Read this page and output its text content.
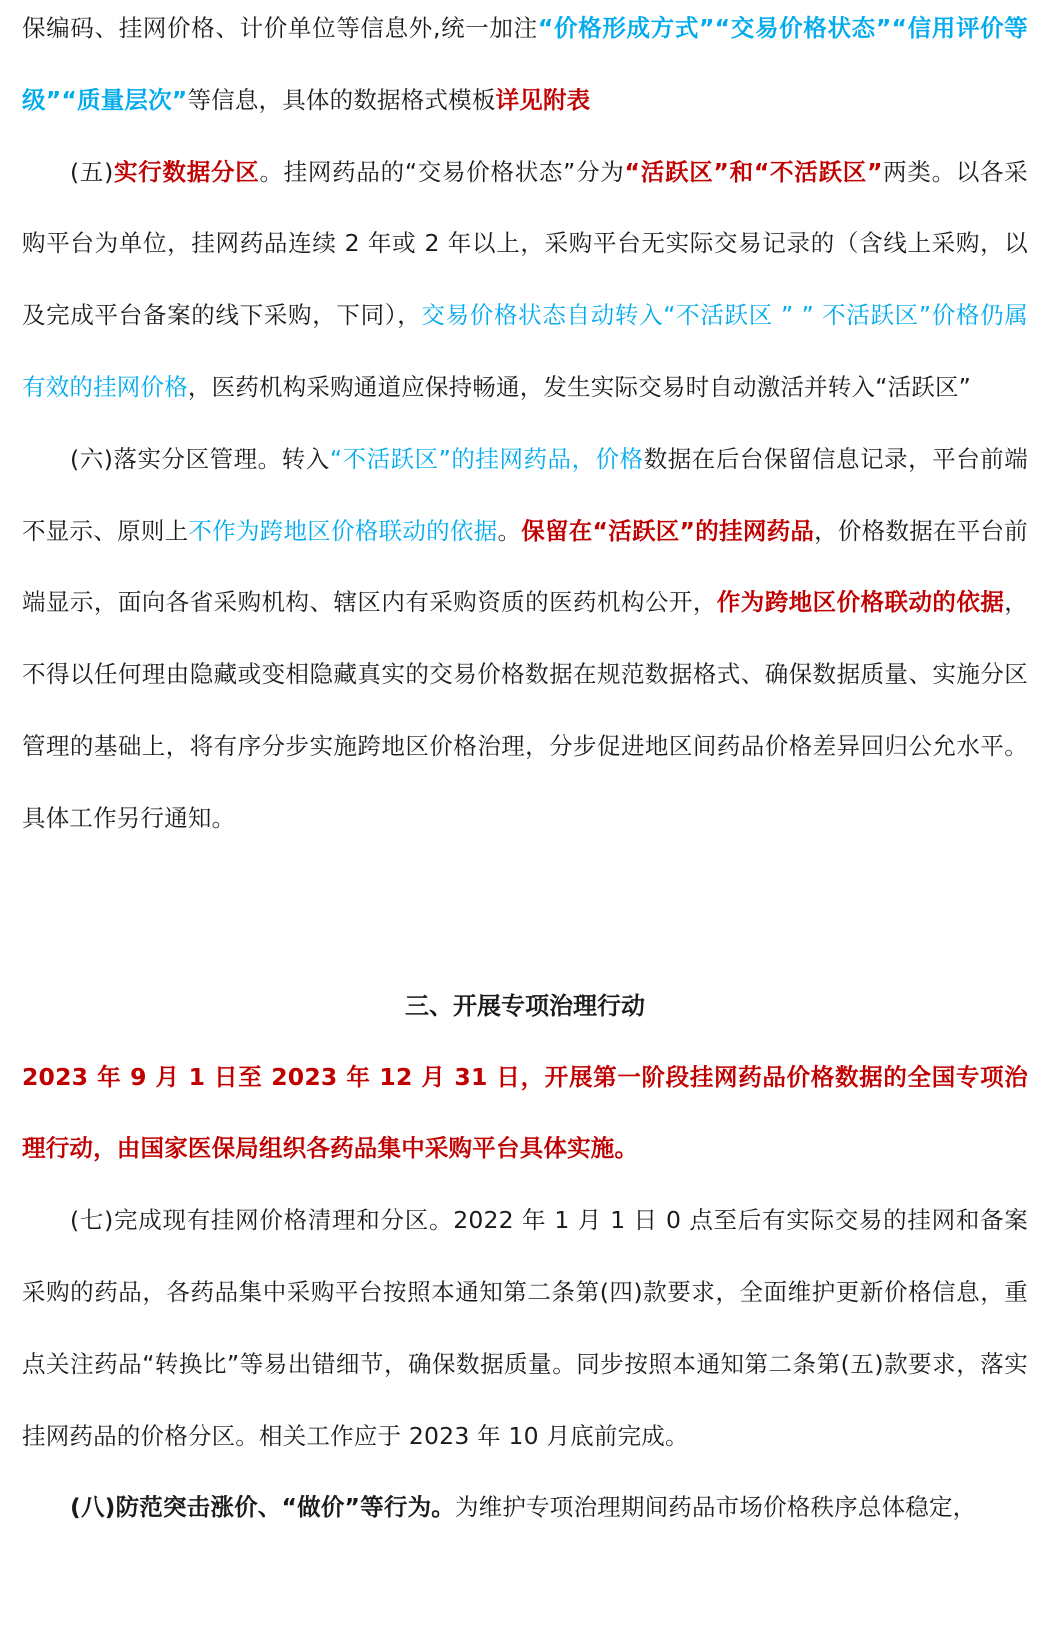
保编码、挂网价格、计价单位等信息外,统一加注“价格形成方式”“交易价格状态”“信用评价等级”“质量层次”等信息，具体的数据格式模板详见附表

(五)实行数据分区。挂网药品的“交易价格状态”分为“活跃区”和“不活跃区”两类。以各采购平台为单位，挂网药品连续 2 年或 2 年以上，采购平台无实际交易记录的（含线上采购，以及完成平台备案的线下采购，下同），交易价格状态自动转入“不活跃区 ” ” 不活跃区”价格仍属有效的挂网价格，医药机构采购通道应保持畅通，发生实际交易时自动激活并转入“活跃区”

(六)落实分区管理。转入“不活跃区”的挂网药品，价格数据在后台保留信息记录，平台前端不显示、原则上不作为跨地区价格联动的依据。保留在“活跃区”的挂网药品，价格数据在平台前端显示，面向各省采购机构、辖区内有采购资质的医药机构公开，作为跨地区价格联动的依据，不得以任何理由隐藏或变相隐藏真实的交易价格数据在规范数据格式、确保数据质量、实施分区管理的基础上，将有序分步实施跨地区价格治理，分步促进地区间药品价格差异回归公允水平。具体工作另行通知。

三、开展专项治理行动

2023 年 9 月 1 日至 2023 年 12 月 31 日，开展第一阶段挂网药品价格数据的全国专项治理行动，由国家医保局组织各药品集中采购平台具体实施。

(七)完成现有挂网价格清理和分区。2022 年 1 月 1 日 0 点至后有实际交易的挂网和备案采购的药品，各药品集中采购平台按照本通知第二条第(四)款要求，全面维护更新价格信息，重点关注药品“转换比”等易出错细节，确保数据质量。同步按照本通知第二条第(五)款要求，落实挂网药品的价格分区。相关工作应于 2023 年 10 月底前完成。

(八)防范突击涨价、“做价”等行为。为维护专项治理期间药品市场价格秩序总体稳定，
